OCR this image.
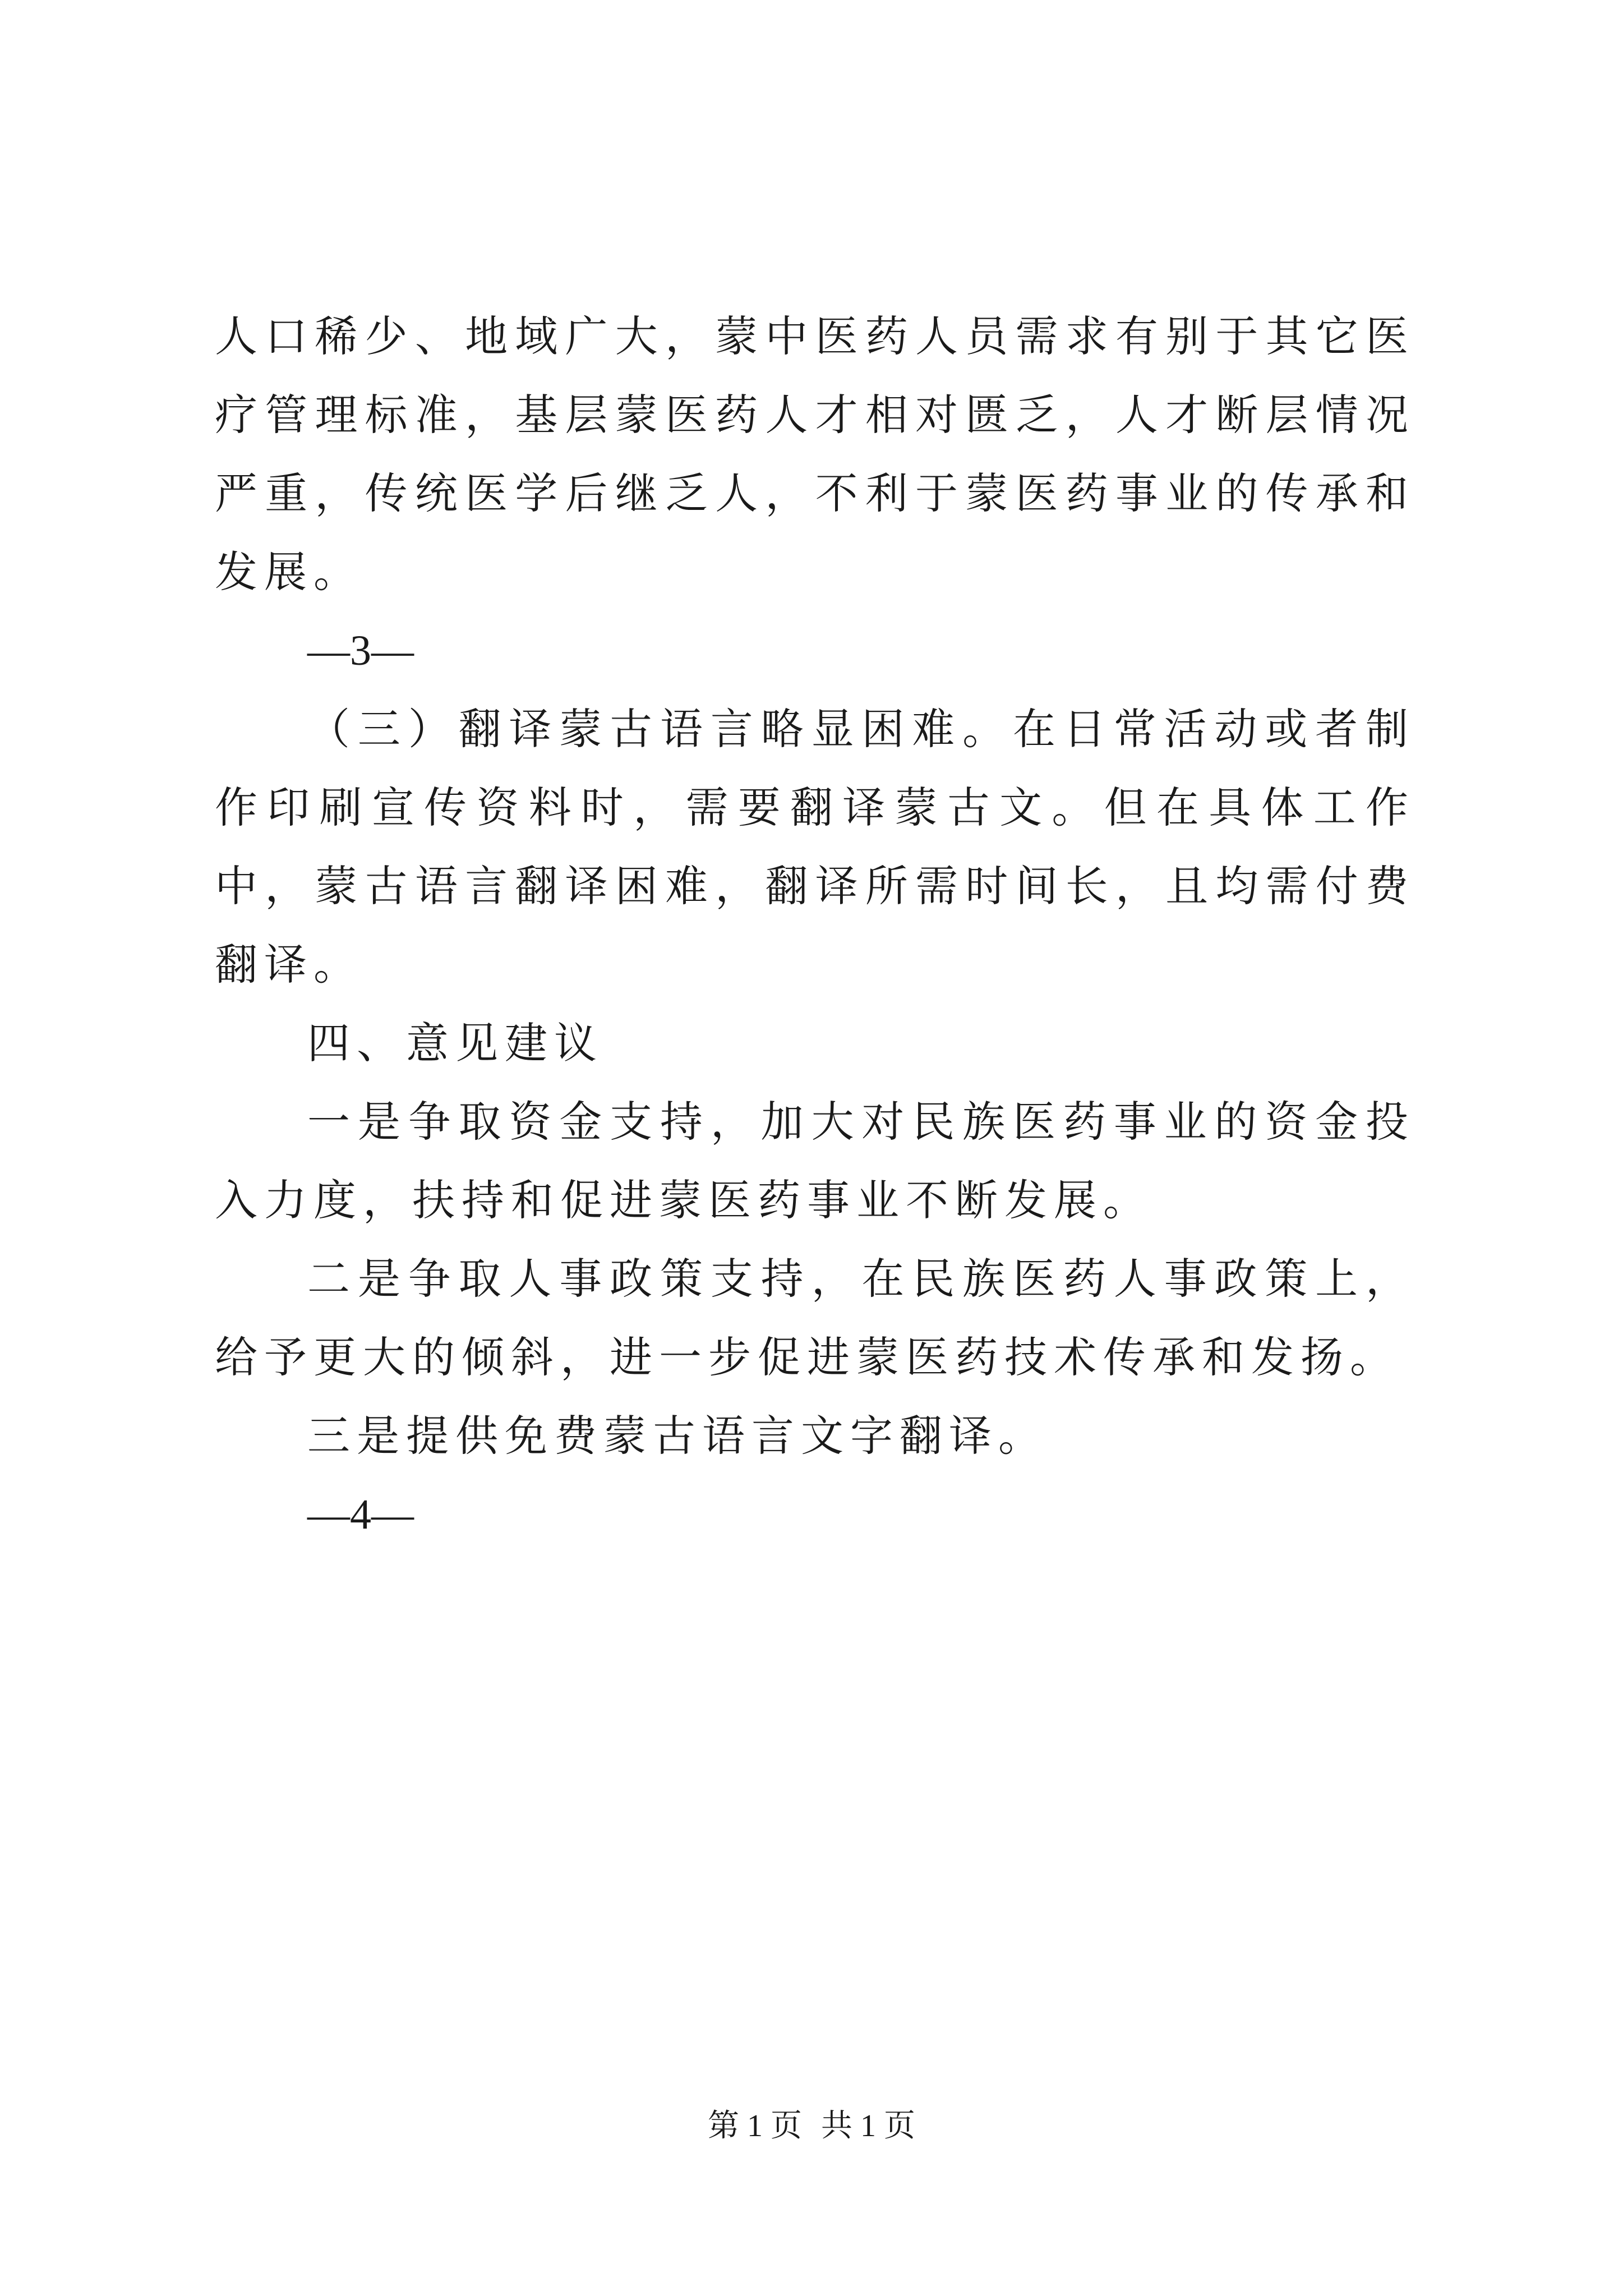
人口稀少、地域广大，蒙中医药人员需求有别于其它医疗管理标准，基层蒙医药人才相对匮乏，人才断层情况严重，传统医学后继乏人，不利于蒙医药事业的传承和发展。

—3—

（三）翻译蒙古语言略显困难。在日常活动或者制作印刷宣传资料时，需要翻译蒙古文。但在具体工作中，蒙古语言翻译困难，翻译所需时间长，且均需付费翻译。

四、意见建议

一是争取资金支持，加大对民族医药事业的资金投入力度，扶持和促进蒙医药事业不断发展。

二是争取人事政策支持，在民族医药人事政策上，给予更大的倾斜，进一步促进蒙医药技术传承和发扬。

三是提供免费蒙古语言文字翻译。

—4—

第 1 页 共 1 页
